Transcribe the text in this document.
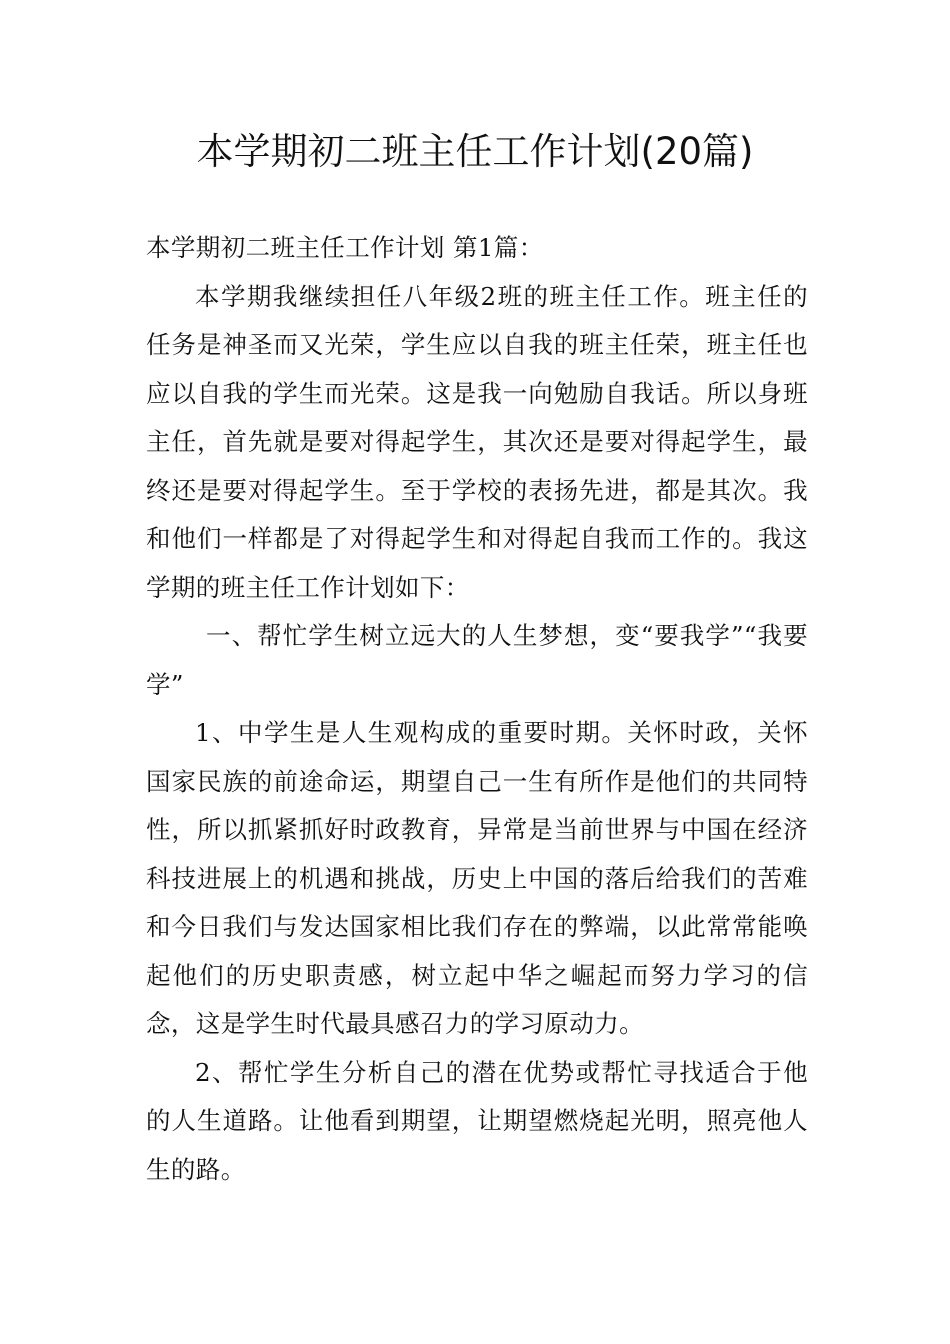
本学期初二班主任工作计划(20篇)

本学期初二班主任工作计划 第1篇：

本学期我继续担任八年级2班的班主任工作。班主任的任务是神圣而又光荣，学生应以自我的班主任荣，班主任也应以自我的学生而光荣。这是我一向勉励自我话。所以身班主任，首先就是要对得起学生，其次还是要对得起学生，最终还是要对得起学生。至于学校的表扬先进，都是其次。我和他们一样都是了对得起学生和对得起自我而工作的。我这学期的班主任工作计划如下：

一、帮忙学生树立远大的人生梦想，变“要我学”“我要学”

1、中学生是人生观构成的重要时期。关怀时政，关怀国家民族的前途命运，期望自己一生有所作是他们的共同特性，所以抓紧抓好时政教育，异常是当前世界与中国在经济科技进展上的机遇和挑战，历史上中国的落后给我们的苦难和今日我们与发达国家相比我们存在的弊端，以此常常能唤起他们的历史职责感，树立起中华之崛起而努力学习的信念，这是学生时代最具感召力的学习原动力。

2、帮忙学生分析自己的潜在优势或帮忙寻找适合于他的人生道路。让他看到期望，让期望燃烧起光明，照亮他人生的路。
